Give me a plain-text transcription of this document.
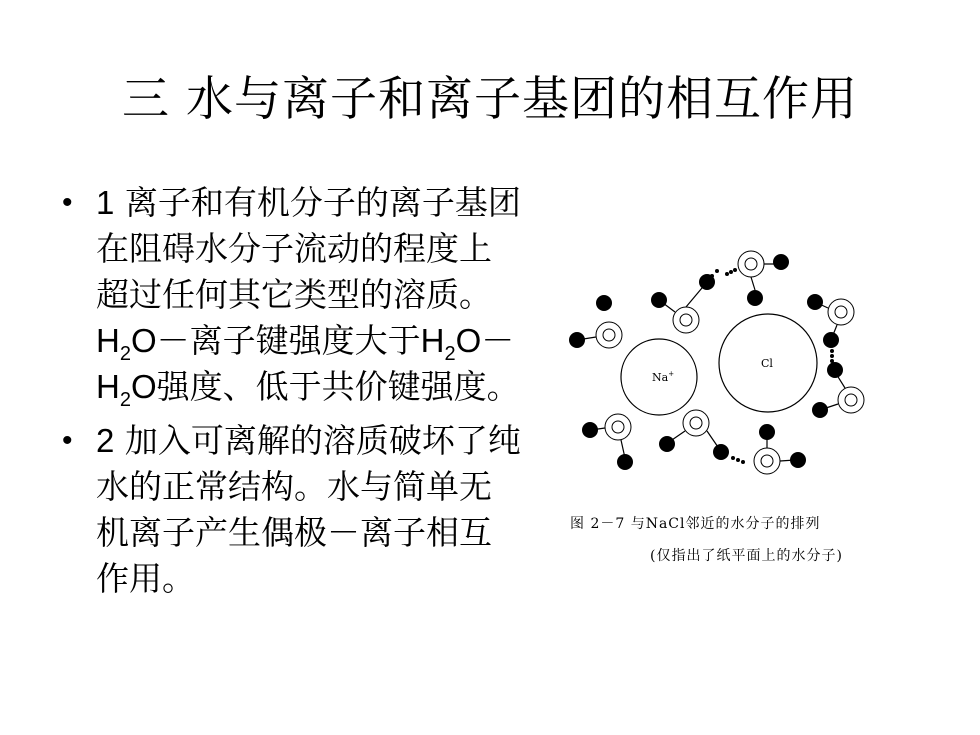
三 水与离子和离子基团的相互作用
• 1 离子和有机分子的离子基团在阻碍水分子流动的程度上超过任何其它类型的溶质。$H_2O-$离子键强度大于$H_2O- H_2O$强度、低于共价键强度。
• 2 加入可离解的溶质破坏了纯水的正常结构。水与简单无机离子产生偶极－离子相互作用。
Na+
Cl
图 2－7 与NaCl邻近的水分子的排列
(仅指出了纸平面上的水分子)
